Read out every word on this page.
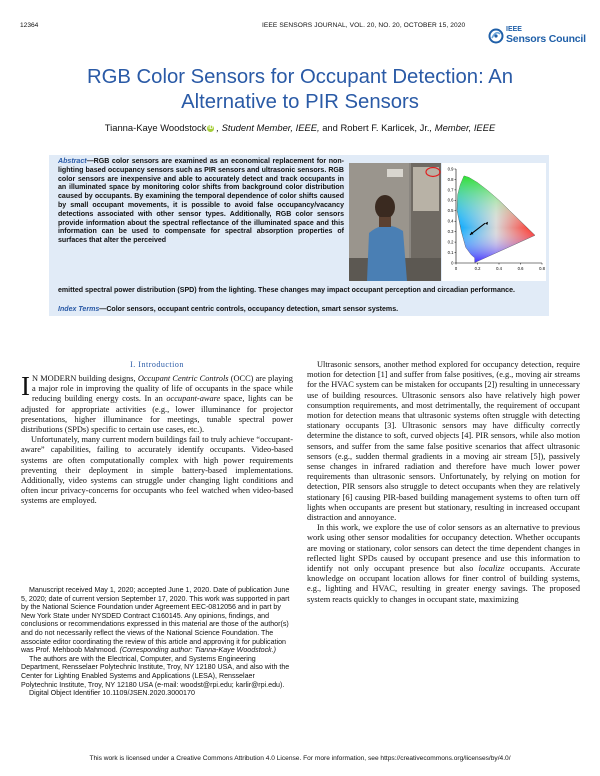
12364	IEEE SENSORS JOURNAL, VOL. 20, NO. 20, OCTOBER 15, 2020
IEEE
Sensors Council
RGB Color Sensors for Occupant Detection: An
Alternative to PIR Sensors
Tianna-Kaye Woodstock iD , Student Member, IEEE, and Robert F. Karlicek, Jr., Member, IEEE
Abstract—RGB color sensors are examined as an economical replacement for non-lighting based occupancy sensors such as PIR sensors and ultrasonic sensors. RGB color sensors are inexpensive and able to accurately detect and track occupants in an illuminated space by monitoring color shifts from background color distribution caused by occupants. By examining the temporal dependence of color shifts caused by small occupant movements, it is possible to avoid false occupancy/vacancy detections associated with other sensor types. Additionally, RGB color sensors provide information about the spectral reflectance of the illuminated space and this information can be used to compensate for spectral absorption properties of surfaces that alter the perceived
emitted spectral power distribution (SPD) from the lighting. These changes may impact occupant perception and circadian performance.
Index Terms—Color sensors, occupant centric controls, occupancy detection, smart sensor systems.
0	0.2	0.4	0.6	0.8
0
0.1
0.2
0.3
0.4
0.5
0.6
0.7
0.8
0.9
I. Introduction

I N MODERN building designs, Occupant Centric Controls (OCC) are playing a major role in improving the quality of life of occupants in the space while reducing building energy costs. In an occupant-aware space, lights can be adjusted for appropriate activities (e.g., lower illuminance for projector presentations, higher illuminance for meetings, tunable spectral power distributions (SPDs) specific to certain use cases, etc.).

Unfortunately, many current modern buildings fail to truly achieve “occupant-aware” capabilities, failing to accurately identify occupants. Video-based systems are often computationally complex with high power requirements preventing their deployment in simple battery-based implementations. Additionally, video systems can struggle under changing light conditions and often incur privacy-concerns for occupants who feel watched when video-based systems are employed.

Manuscript received May 1, 2020; accepted June 1, 2020. Date of publication June 5, 2020; date of current version September 17, 2020. This work was supported in part by the National Science Foundation under Agreement EEC-0812056 and in part by New York State under NYSDED Contract C160145. Any opinions, findings, and conclusions or recommendations expressed in this material are those of the author(s) and do not necessarily reflect the views of the National Science Foundation. The associate editor coordinating the review of this article and approving it for publication was Prof. Mehboob Mahmood. (Corresponding author: Tianna-Kaye Woodstock.)

The authors are with the Electrical, Computer, and Systems Engineering Department, Rensselaer Polytechnic Institute, Troy, NY 12180 USA, and also with the Center for Lighting Enabled Systems and Applications (LESA), Rensselaer Polytechnic Institute, Troy, NY 12180 USA (e-mail: woodst@rpi.edu; karlir@rpi.edu).

Digital Object Identifier 10.1109/JSEN.2020.3000170

Ultrasonic sensors, another method explored for occupancy detection, require motion for detection [1] and suffer from false positives, (e.g., moving air streams for the HVAC system can be mistaken for occupants [2]) resulting in unnecessary use of building resources. Ultrasonic sensors also have relatively high power consumption requirements, and most detrimentally, the requirement of occupant motion for detection means that ultrasonic systems often struggle with detecting stationary occupants [3]. Ultrasonic sensors may have difficulty correctly determine the distance to soft, curved objects [4]. PIR sensors, while also motion sensors, and suffer from the same false positive scenarios that affect ultrasonic sensors (e.g., sudden thermal gradients in a moving air stream [5]), passively sense changes in infrared radiation and therefore have much lower power requirements than ultrasonic sensors. Unfortunately, by relying on motion for detection, PIR sensors also struggle to detect occupants when they are relatively stationary [6] causing PIR-based building management systems to often turn off lights when occupants are present but stationary, resulting in increased occupant distraction and annoyance.

In this work, we explore the use of color sensors as an alternative to previous work using other sensor modalities for occupancy detection. Whether occupants are moving or stationary, color sensors can detect the time dependent changes in reflected light SPDs caused by occupant presence and use this information to identify not only occupant presence but also localize occupants. Accurate knowledge on occupant location allows for finer control of building systems, e.g., lighting and HVAC, resulting in greater energy savings. The proposed system reacts quickly to changes in occupant state, maximizing

This work is licensed under a Creative Commons Attribution 4.0 License. For more information, see https://creativecommons.org/licenses/by/4.0/
